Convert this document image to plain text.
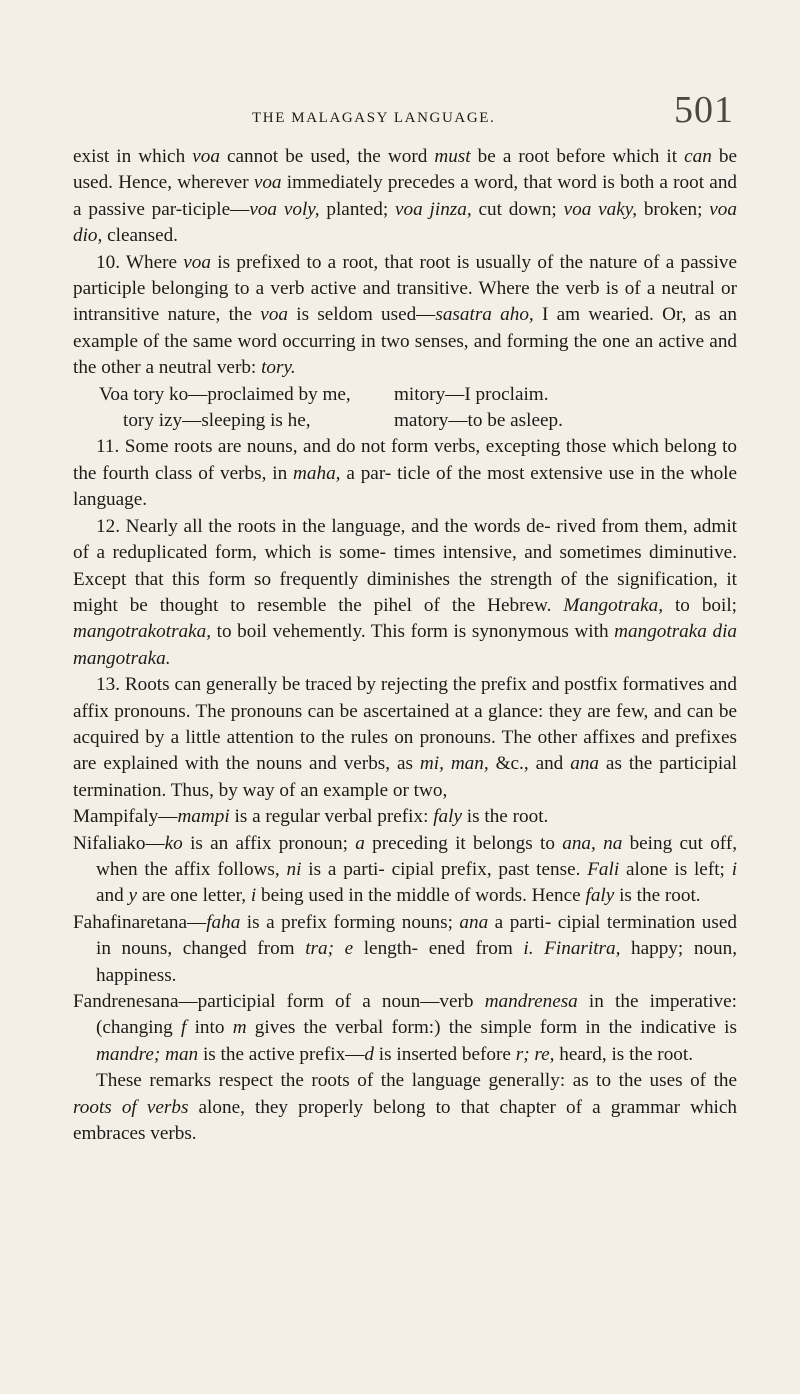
THE MALAGASY LANGUAGE.	501

exist in which voa cannot be used, the word must be a root before which it can be used. Hence, wherever voa immediately precedes a word, that word is both a root and a passive par-ticiple—voa voly, planted; voa jinza, cut down; voa vaky, broken; voa dio, cleansed.

10. Where voa is prefixed to a root, that root is usually of the nature of a passive participle belonging to a verb active and transitive. Where the verb is of a neutral or intransitive nature, the voa is seldom used—sasatra aho, I am wearied. Or, as an example of the same word occurring in two senses, and forming the one an active and the other a neutral verb: tory.

Voa tory ko—proclaimed by me,	mitory—I proclaim.
tory izy—sleeping is he,	matory—to be asleep.

11. Some roots are nouns, and do not form verbs, excepting those which belong to the fourth class of verbs, in maha, a par- ticle of the most extensive use in the whole language.

12. Nearly all the roots in the language, and the words de- rived from them, admit of a reduplicated form, which is some- times intensive, and sometimes diminutive. Except that this form so frequently diminishes the strength of the signification, it might be thought to resemble the pihel of the Hebrew. Mangotraka, to boil; mangotrakotraka, to boil vehemently. This form is synonymous with mangotraka dia mangotraka.

13. Roots can generally be traced by rejecting the prefix and postfix formatives and affix pronouns. The pronouns can be ascertained at a glance: they are few, and can be acquired by a little attention to the rules on pronouns. The other affixes and prefixes are explained with the nouns and verbs, as mi, man, &c., and ana as the participial termination. Thus, by way of an example or two,

Mampifaly—mampi is a regular verbal prefix: faly is the root.

Nifaliako—ko is an affix pronoun; a preceding it belongs to ana, na being cut off, when the affix follows, ni is a parti- cipial prefix, past tense. Fali alone is left; i and y are one letter, i being used in the middle of words. Hence faly is the root.

Fahafinaretana—faha is a prefix forming nouns; ana a parti- cipial termination used in nouns, changed from tra; e length- ened from i. Finaritra, happy; noun, happiness.

Fandrenesana—participial form of a noun—verb mandrenesa in the imperative: (changing f into m gives the verbal form:) the simple form in the indicative is mandre; man is the active prefix—d is inserted before r; re, heard, is the root.

These remarks respect the roots of the language generally: as to the uses of the roots of verbs alone, they properly belong to that chapter of a grammar which embraces verbs.
